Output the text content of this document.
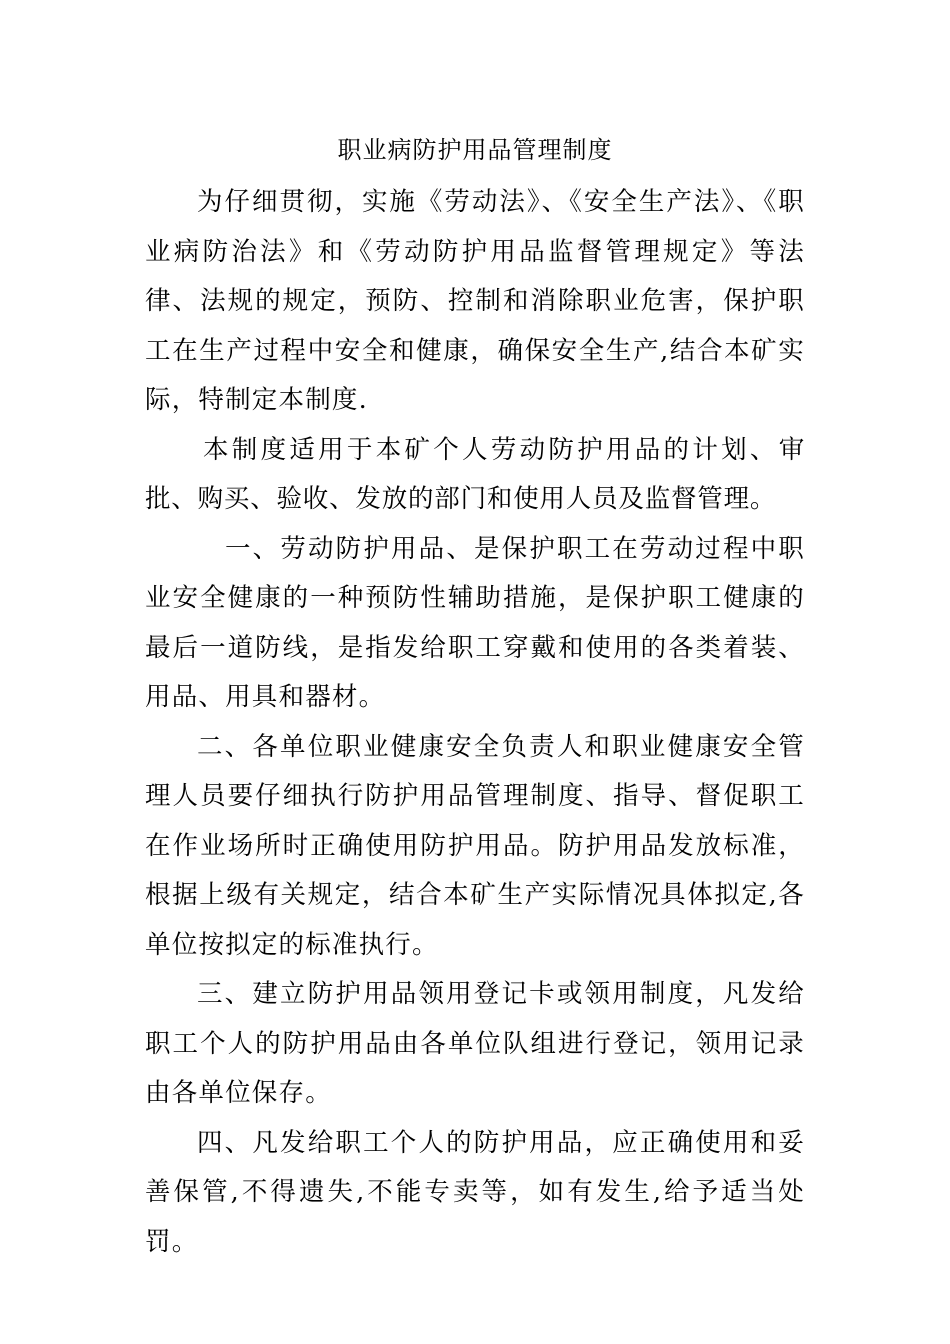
职业病防护用品管理制度

为仔细贯彻，实施《劳动法》、《安全生产法》、《职业病防治法》和《劳动防护用品监督管理规定》等法律、法规的规定，预防、控制和消除职业危害，保护职工在生产过程中安全和健康，确保安全生产,结合本矿实际，特制定本制度.

本制度适用于本矿个人劳动防护用品的计划、审批、购买、验收、发放的部门和使用人员及监督管理。

一、劳动防护用品、是保护职工在劳动过程中职业安全健康的一种预防性辅助措施，是保护职工健康的最后一道防线，是指发给职工穿戴和使用的各类着装、用品、用具和器材。

二、各单位职业健康安全负责人和职业健康安全管理人员要仔细执行防护用品管理制度、指导、督促职工在作业场所时正确使用防护用品。防护用品发放标准，根据上级有关规定，结合本矿生产实际情况具体拟定,各单位按拟定的标准执行。

三、建立防护用品领用登记卡或领用制度，凡发给职工个人的防护用品由各单位队组进行登记，领用记录由各单位保存。

四、凡发给职工个人的防护用品，应正确使用和妥善保管,不得遗失,不能专卖等，如有发生,给予适当处罚。
